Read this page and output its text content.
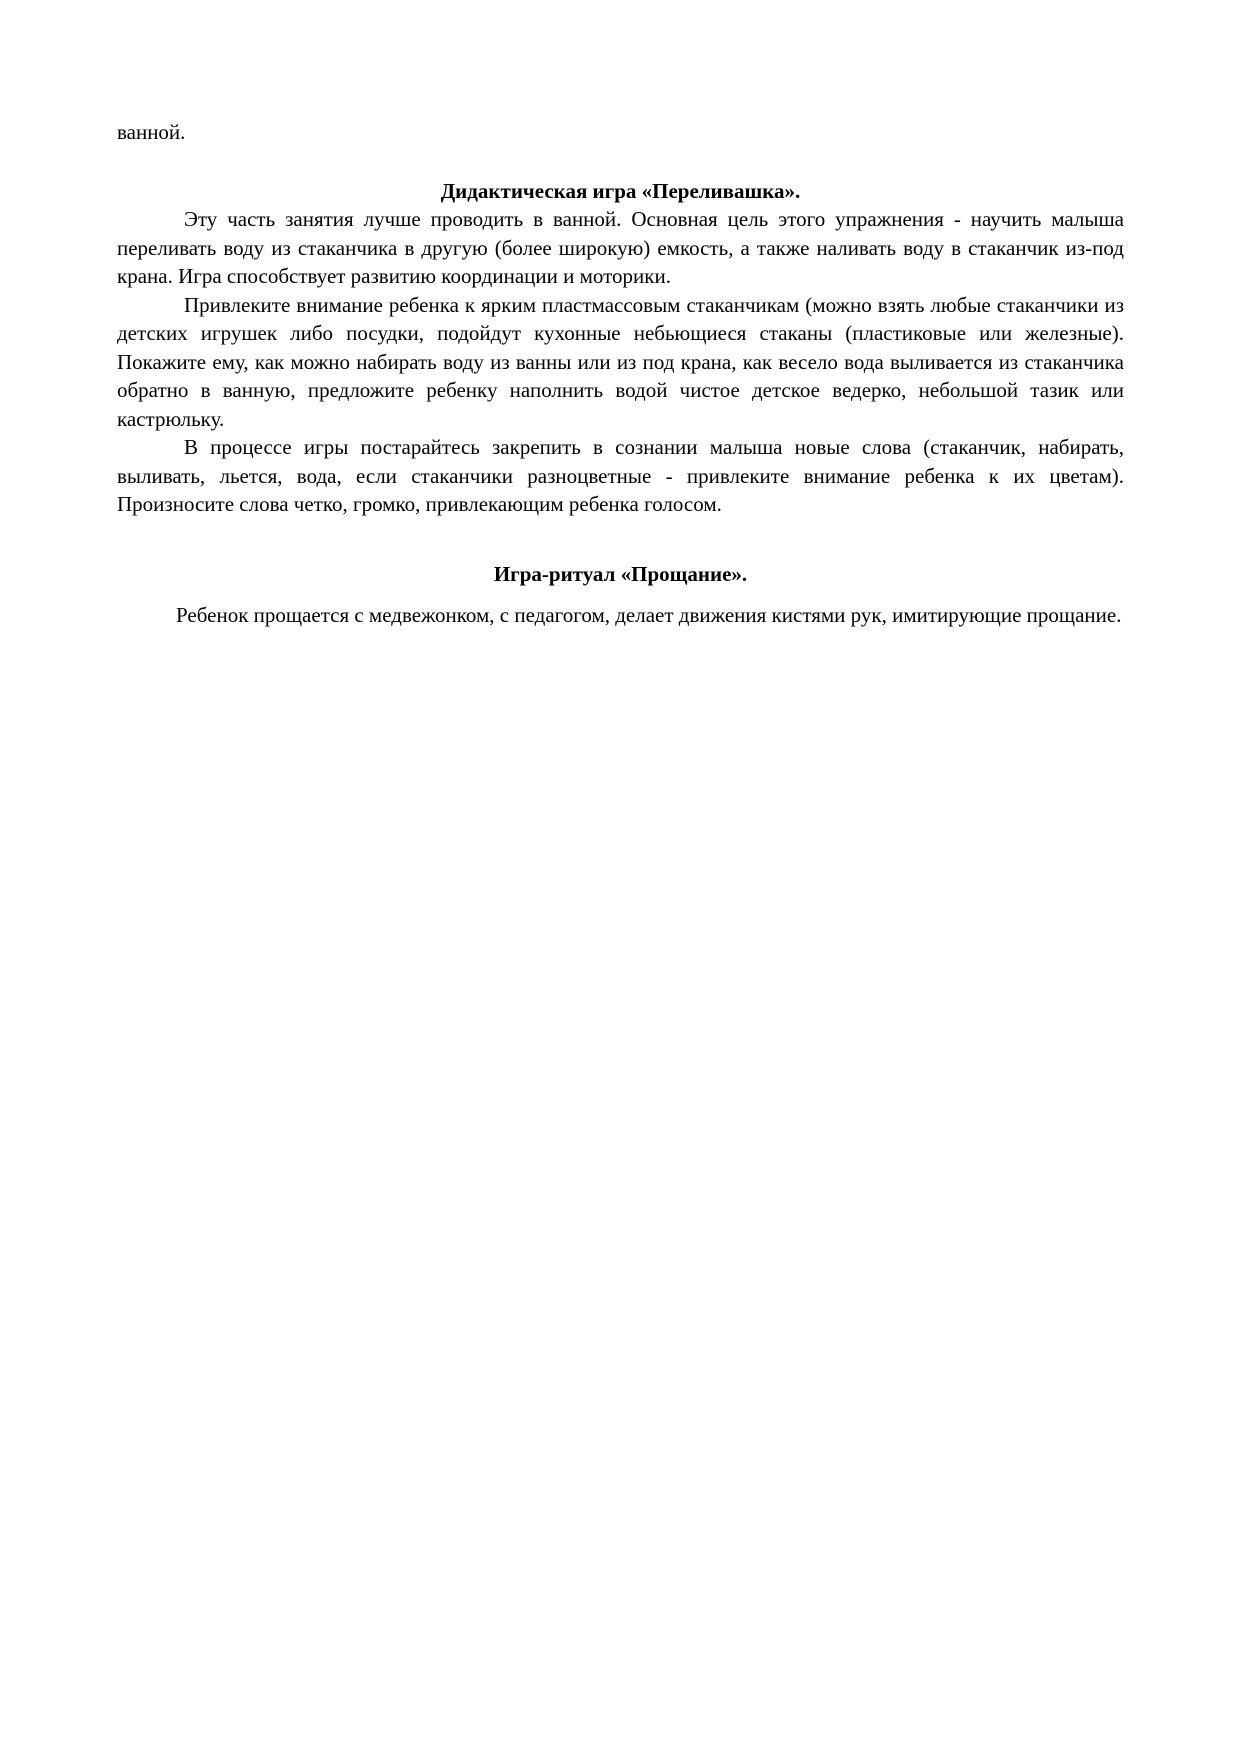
ванной.

Дидактическая игра «Переливашка».

Эту часть занятия лучше проводить в ванной. Основная цель этого упражнения - научить малыша переливать воду из стаканчика в другую (более широкую) емкость, а также наливать воду в стаканчик из-под крана. Игра способствует развитию координации и моторики.

Привлеките внимание ребенка к ярким пластмассовым стаканчикам (можно взять любые стаканчики из детских игрушек либо посудки, подойдут кухонные небьющиеся стаканы (пластиковые или железные). Покажите ему, как можно набирать воду из ванны или из под крана, как весело вода выливается из стаканчика обратно в ванную, предложите ребенку наполнить водой чистое детское ведерко, небольшой тазик или кастрюльку.

В процессе игры постарайтесь закрепить в сознании малыша новые слова (стаканчик, набирать, выливать, льется, вода, если стаканчики разноцветные - привлеките внимание ребенка к их цветам). Произносите слова четко, громко, привлекающим ребенка голосом.

Игра-ритуал «Прощание».

Ребенок прощается с медвежонком, с педагогом, делает движения кистями рук, имитирующие прощание.
